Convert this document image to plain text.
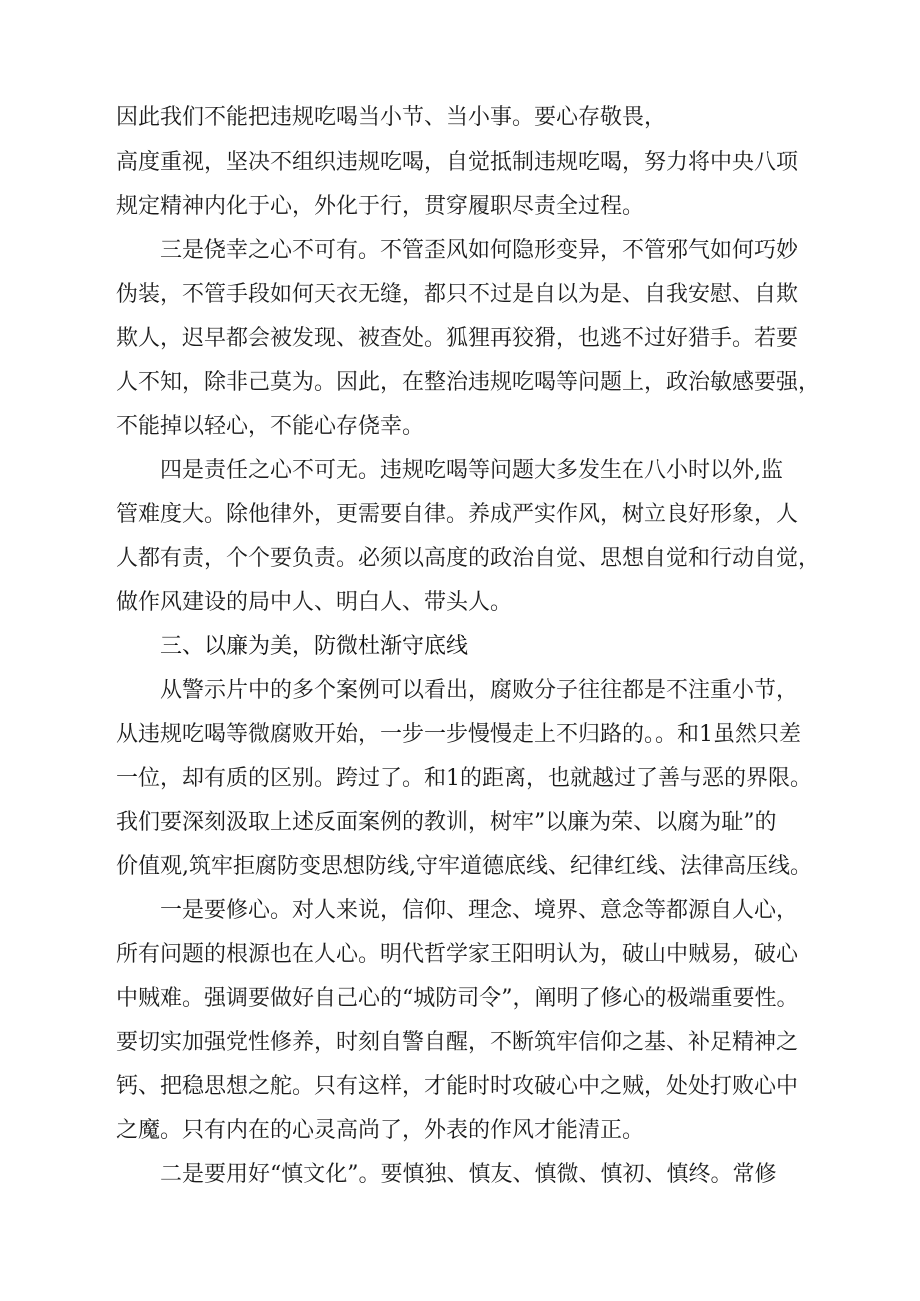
因此我们不能把违规吃喝当小节、当小事。要心存敬畏，
高度重视，坚决不组织违规吃喝，自觉抵制违规吃喝，努力将中央八项
规定精神内化于心，外化于行，贯穿履职尽责全过程。
三是侥幸之心不可有。不管歪风如何隐形变异，不管邪气如何巧妙
伪装，不管手段如何天衣无缝，都只不过是自以为是、自我安慰、自欺
欺人，迟早都会被发现、被查处。狐狸再狡猾，也逃不过好猎手。若要
人不知，除非己莫为。因此，在整治违规吃喝等问题上，政治敏感要强，
不能掉以轻心，不能心存侥幸。
四是责任之心不可无。违规吃喝等问题大多发生在八小时以外,监
管难度大。除他律外，更需要自律。养成严实作风，树立良好形象，人
人都有责，个个要负责。必须以高度的政治自觉、思想自觉和行动自觉，
做作风建设的局中人、明白人、带头人。
三、以廉为美，防微杜渐守底线
从警示片中的多个案例可以看出，腐败分子往往都是不注重小节，
从违规吃喝等微腐败开始，一步一步慢慢走上不归路的。。和1虽然只差
一位，却有质的区别。跨过了。和1的距离，也就越过了善与恶的界限。
我们要深刻汲取上述反面案例的教训，树牢”以廉为荣、以腐为耻”的
价值观,筑牢拒腐防变思想防线,守牢道德底线、纪律红线、法律高压线。
一是要修心。对人来说，信仰、理念、境界、意念等都源自人心，
所有问题的根源也在人心。明代哲学家王阳明认为，破山中贼易，破心
中贼难。强调要做好自己心的“城防司令”，阐明了修心的极端重要性。
要切实加强党性修养，时刻自警自醒，不断筑牢信仰之基、补足精神之
钙、把稳思想之舵。只有这样，才能时时攻破心中之贼，处处打败心中
之魔。只有内在的心灵高尚了，外表的作风才能清正。
二是要用好“慎文化”。要慎独、慎友、慎微、慎初、慎终。常修
